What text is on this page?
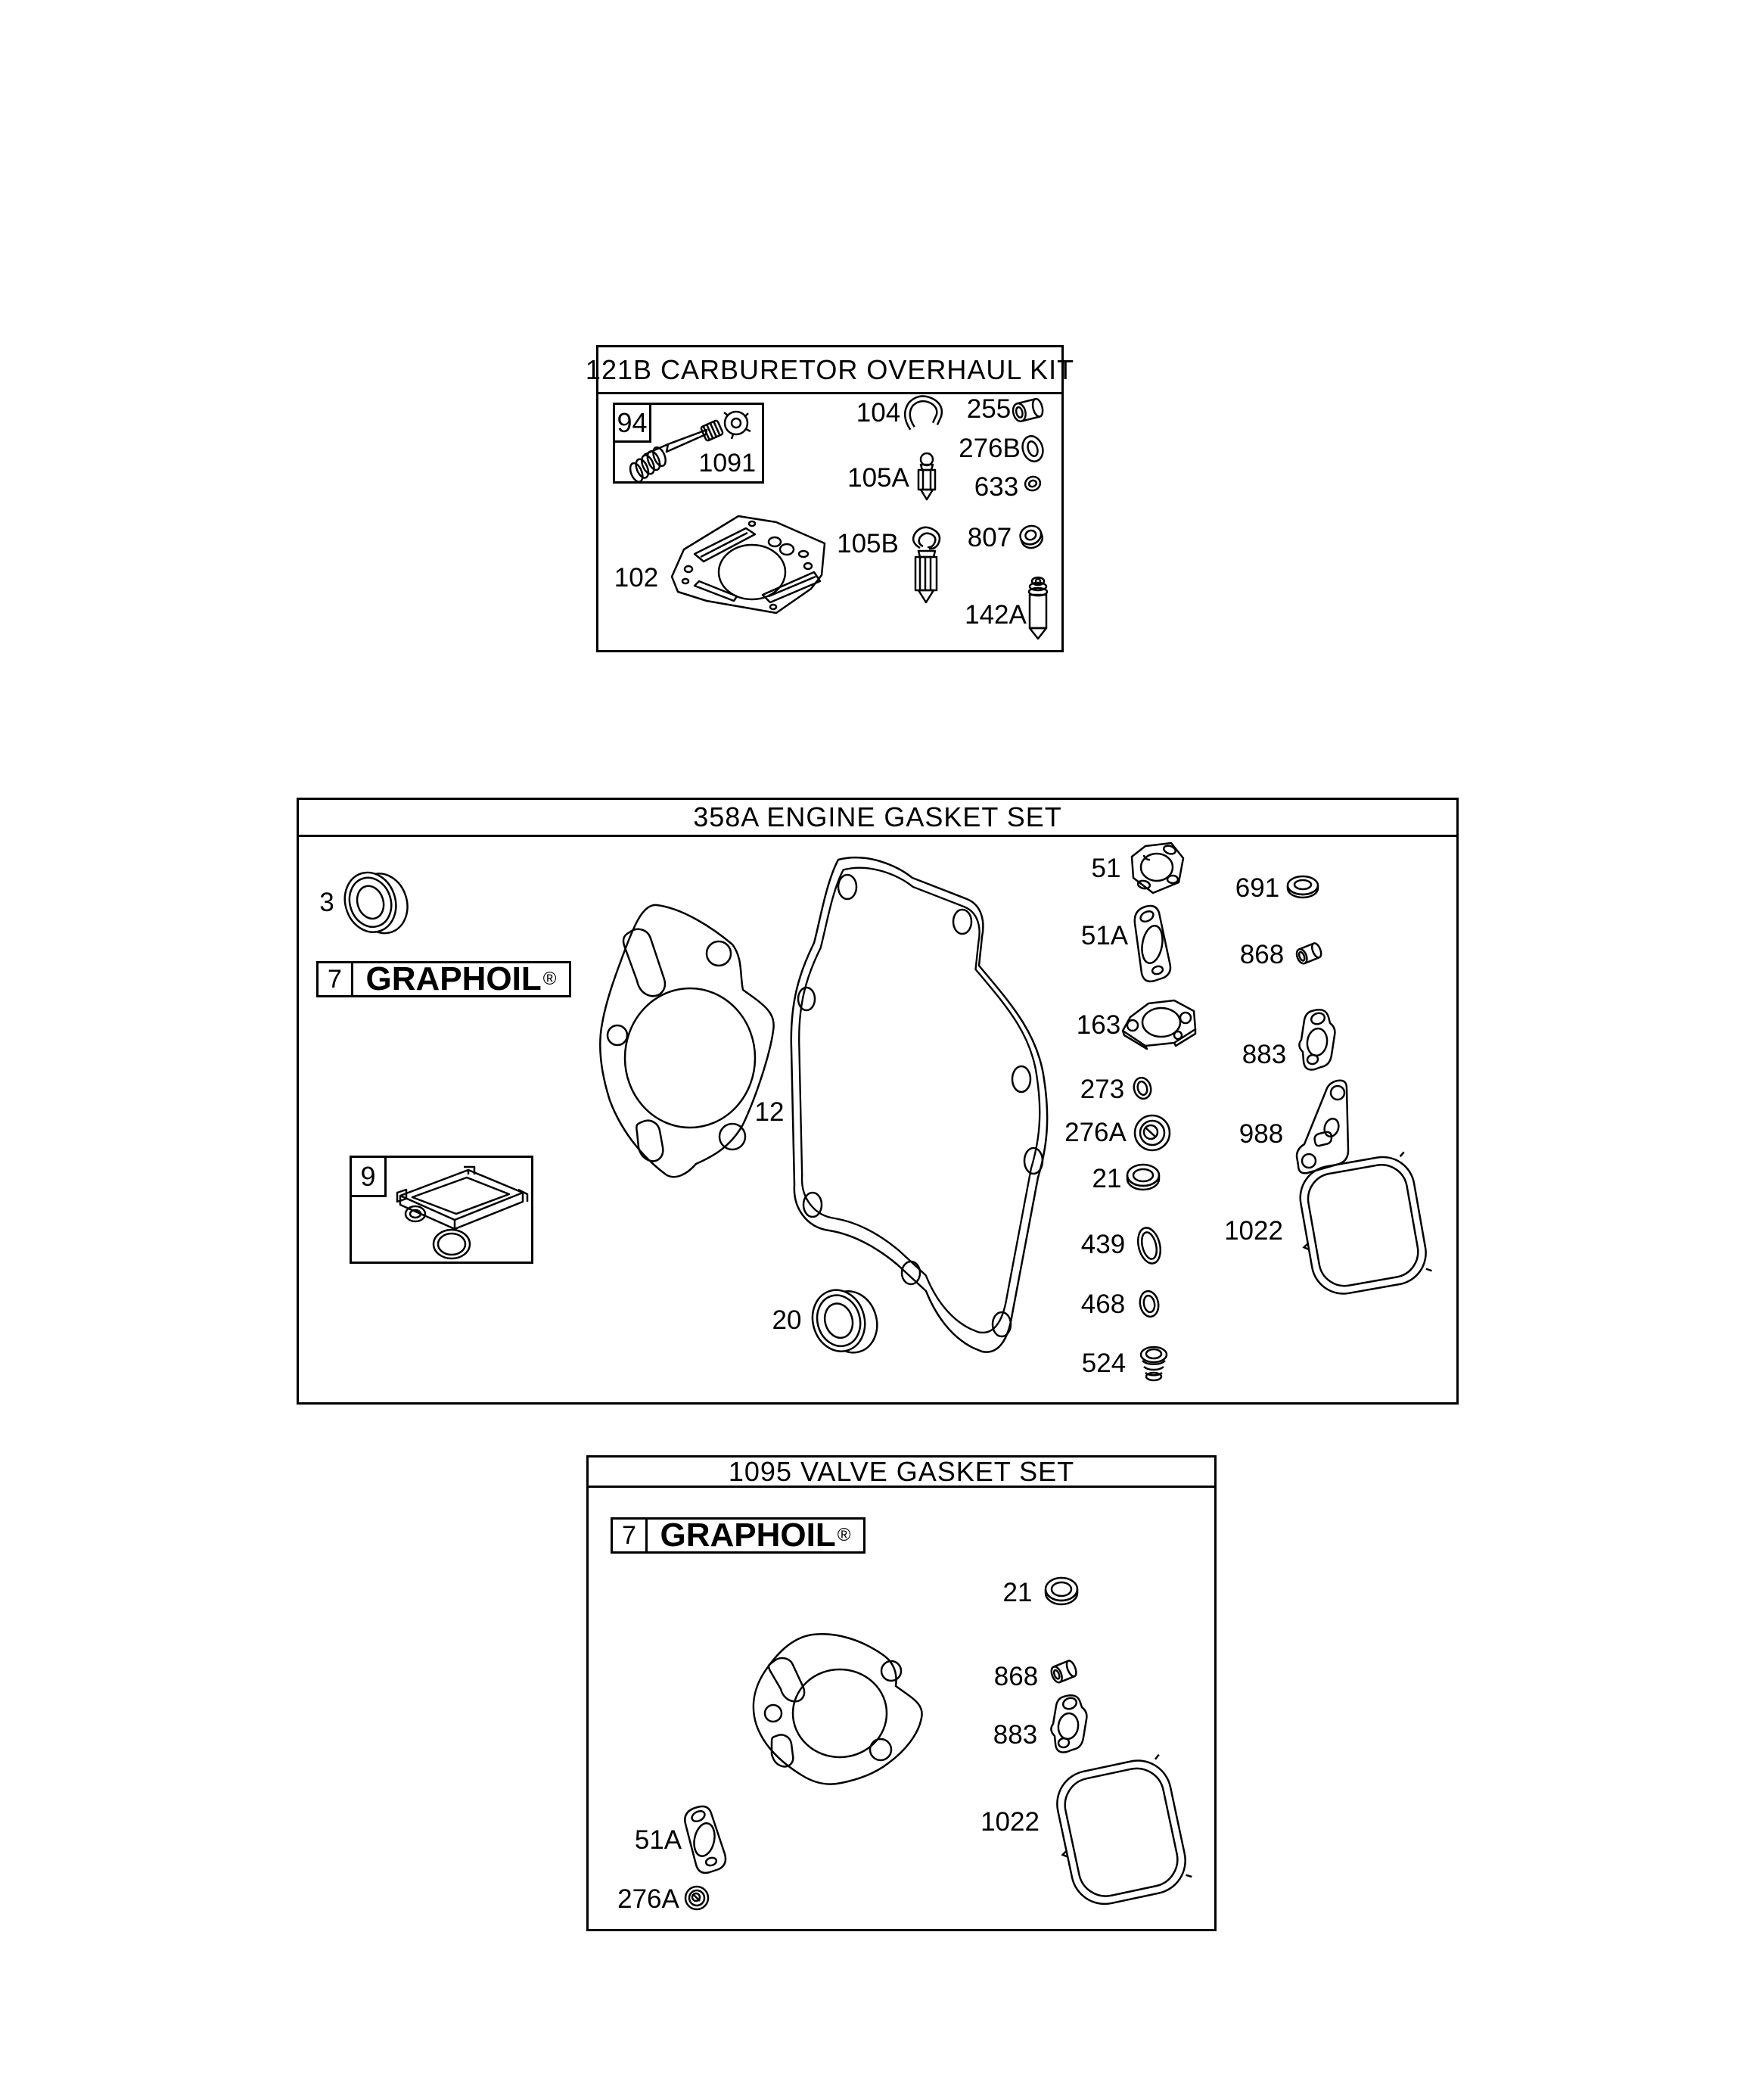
121B CARBURETOR OVERHAUL KIT
94
1091
104	255
276B
105A 633
105B	807
102
142A
358A ENGINE GASKET SET
3
7 GRAPHOIL ®
12
9
20
51
51A
163
273
276A
21
439
468
524
691
868
883
988
1022
1095 VALVE GASKET SET
7 GRAPHOIL ®
21
868
883
1022
51A
276A
